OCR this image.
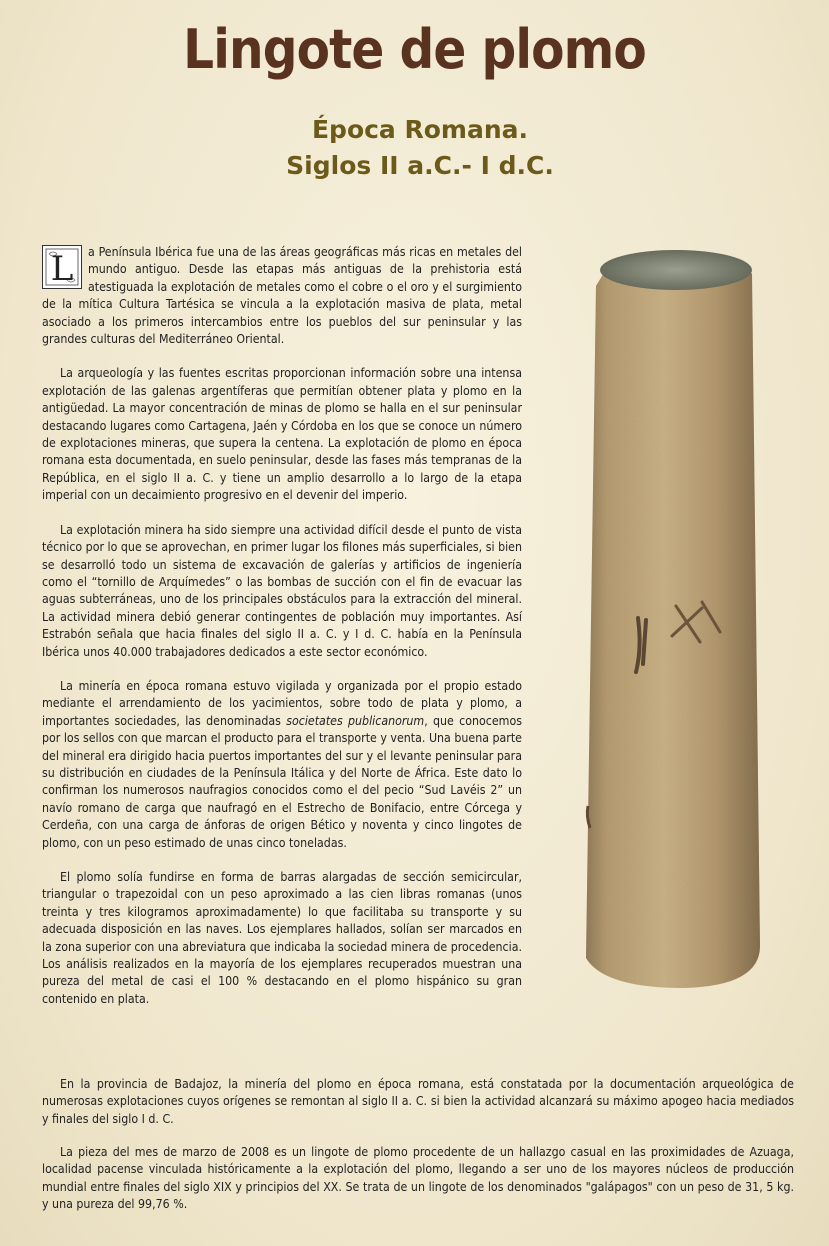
Lingote de plomo
Época Romana.
Siglos II a.C.- I d.C.

L a Península Ibérica fue una de las áreas geográficas más ricas en metales del mundo antiguo. Desde las etapas más antiguas de la prehistoria está atestiguada la explotación de metales como el cobre o el oro y el surgimiento de la mítica Cultura Tartésica se vincula a la explotación masiva de plata, metal asociado a los primeros intercambios entre los pueblos del sur peninsular y las grandes culturas del Mediterráneo Oriental.

La arqueología y las fuentes escritas proporcionan información sobre una intensa explotación de las galenas argentíferas que permitían obtener plata y plomo en la antigüedad. La mayor concentración de minas de plomo se halla en el sur peninsular destacando lugares como Cartagena, Jaén y Córdoba en los que se conoce un número de explotaciones mineras, que supera la centena. La explotación de plomo en época romana esta documentada, en suelo peninsular, desde las fases más tempranas de la República, en el siglo II a. C. y tiene un amplio desarrollo a lo largo de la etapa imperial con un decaimiento progresivo en el devenir del imperio.

La explotación minera ha sido siempre una actividad difícil desde el punto de vista técnico por lo que se aprovechan, en primer lugar los filones más superficiales, si bien se desarrolló todo un sistema de excavación de galerías y artificios de ingeniería como el “tornillo de Arquímedes” o las bombas de succión con el fin de evacuar las aguas subterráneas, uno de los principales obstáculos para la extracción del mineral. La actividad minera debió generar contingentes de población muy importantes. Así Estrabón señala que hacia finales del siglo II a. C. y I d. C. había en la Península Ibérica unos 40.000 trabajadores dedicados a este sector económico.

La minería en época romana estuvo vigilada y organizada por el propio estado mediante el arrendamiento de los yacimientos, sobre todo de plata y plomo, a importantes sociedades, las denominadas societates publicanorum, que conocemos por los sellos con que marcan el producto para el transporte y venta. Una buena parte del mineral era dirigido hacia puertos importantes del sur y el levante peninsular para su distribución en ciudades de la Península Itálica y del Norte de África. Este dato lo confirman los numerosos naufragios conocidos como el del pecio “Sud Lavéis 2” un navío romano de carga que naufragó en el Estrecho de Bonifacio, entre Córcega y Cerdeña, con una carga de ánforas de origen Bético y noventa y cinco lingotes de plomo, con un peso estimado de unas cinco toneladas.

El plomo solía fundirse en forma de barras alargadas de sección semicircular, triangular o trapezoidal con un peso aproximado a las cien libras romanas (unos treinta y tres kilogramos aproximadamente) lo que facilitaba su transporte y su adecuada disposición en las naves. Los ejemplares hallados, solían ser marcados en la zona superior con una abreviatura que indicaba la sociedad minera de procedencia. Los análisis realizados en la mayoría de los ejemplares recuperados muestran una pureza del metal de casi el 100 % destacando en el plomo hispánico su gran contenido en plata.

En la provincia de Badajoz, la minería del plomo en época romana, está constatada por la documentación arqueológica de numerosas explotaciones cuyos orígenes se remontan al siglo II a. C. si bien la actividad alcanzará su máximo apogeo hacia mediados y finales del siglo I d. C.

La pieza del mes de marzo de 2008 es un lingote de plomo procedente de un hallazgo casual en las proximidades de Azuaga, localidad pacense vinculada históricamente a la explotación del plomo, llegando a ser uno de los mayores núcleos de producción mundial entre finales del siglo XIX y principios del XX. Se trata de un lingote de los denominados "galápagos" con un peso de 31, 5 kg. y una pureza del 99,76 %.
